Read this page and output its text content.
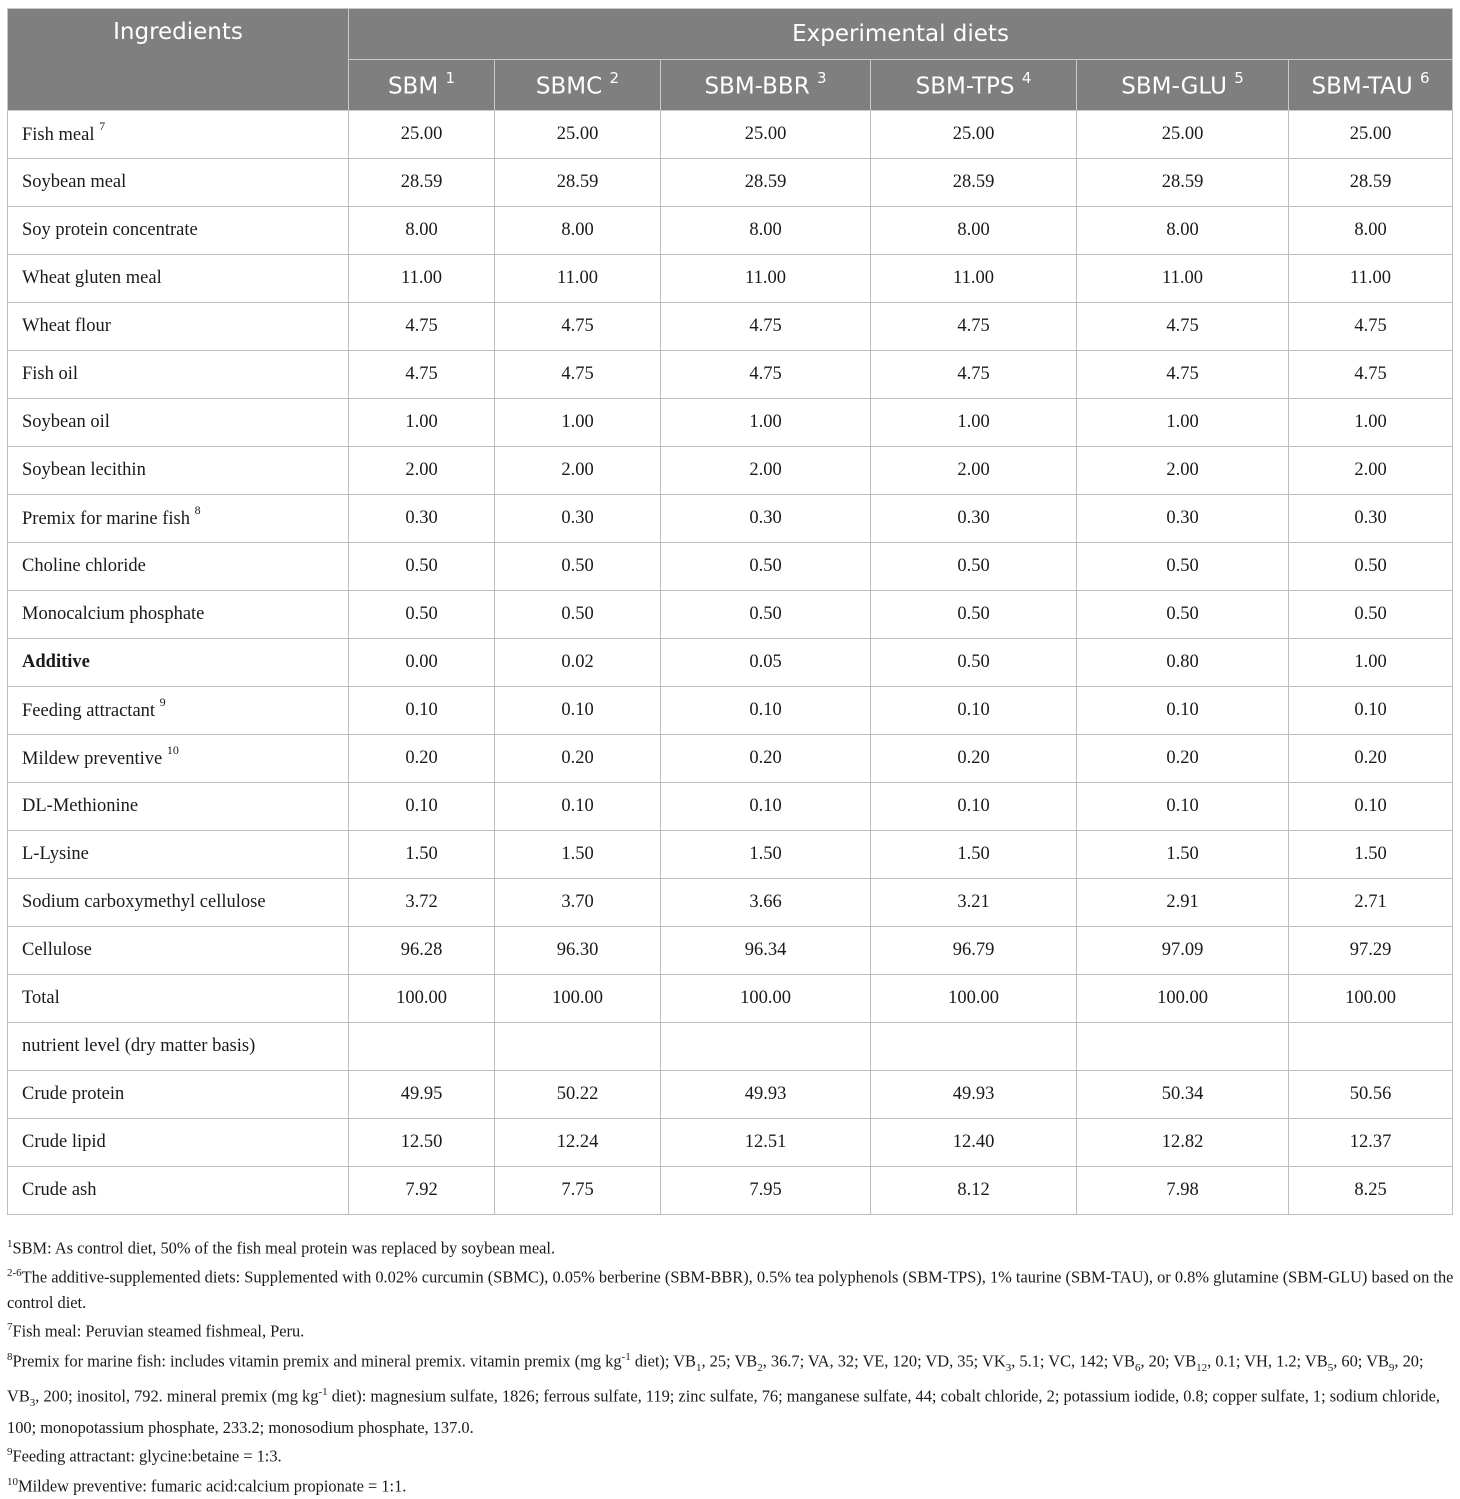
Ingredients	Experimental diets					
	SBM $^1$	SBMC $^2$	SBM-BBR $^3$	SBM-TPS $^4$	SBM-GLU $^5$	SBM-TAU $^6$
Fish meal $^7$	25.00	25.00	25.00	25.00	25.00	25.00
Soybean meal	28.59	28.59	28.59	28.59	28.59	28.59
Soy protein concentrate	8.00	8.00	8.00	8.00	8.00	8.00
Wheat gluten meal	11.00	11.00	11.00	11.00	11.00	11.00
Wheat flour	4.75	4.75	4.75	4.75	4.75	4.75
Fish oil	4.75	4.75	4.75	4.75	4.75	4.75
Soybean oil	1.00	1.00	1.00	1.00	1.00	1.00
Soybean lecithin	2.00	2.00	2.00	2.00	2.00	2.00
Premix for marine fish $^8$	0.30	0.30	0.30	0.30	0.30	0.30
Choline chloride	0.50	0.50	0.50	0.50	0.50	0.50
Monocalcium phosphate	0.50	0.50	0.50	0.50	0.50	0.50
Additive	0.00	0.02	0.05	0.50	0.80	1.00
Feeding attractant $^9$	0.10	0.10	0.10	0.10	0.10	0.10
Mildew preventive $^{10}$	0.20	0.20	0.20	0.20	0.20	0.20
DL-Methionine	0.10	0.10	0.10	0.10	0.10	0.10
L-Lysine	1.50	1.50	1.50	1.50	1.50	1.50
Sodium carboxymethyl cellulose	3.72	3.70	3.66	3.21	2.91	2.71
Cellulose	96.28	96.30	96.34	96.79	97.09	97.29
Total	100.00	100.00	100.00	100.00	100.00	100.00
nutrient level (dry matter basis)						
Crude protein	49.95	50.22	49.93	49.93	50.34	50.56
Crude lipid	12.50	12.24	12.51	12.40	12.82	12.37
Crude ash	7.92	7.75	7.95	8.12	7.98	8.25

$^1$SBM: As control diet, 50% of the fish meal protein was replaced by soybean meal.

$^{2-6}$The additive-supplemented diets: Supplemented with 0.02% curcumin (SBMC), 0.05% berberine (SBM-BBR), 0.5% tea polyphenols (SBM-TPS), 1% taurine (SBM-TAU), or 0.8% glutamine (SBM-GLU) based on the control diet.

$^7$Fish meal: Peruvian steamed fishmeal, Peru.

$^8$Premix for marine fish: includes vitamin premix and mineral premix. vitamin premix (mg $kg^{-1}$ diet); $VB_1$, 25; $VB_2$, 36.7; VA, 32; VE, 120; VD, 35; $VK_3$, 5.1; VC, 142; $VB_6$, 20; $VB_{12}$, 0.1; VH, 1.2; $VB_5$, 60; $VB_9$, 20; $VB_3$, 200; inositol, 792. mineral premix (mg $kg^{-1}$ diet): magnesium sulfate, 1826; ferrous sulfate, 119; zinc sulfate, 76; manganese sulfate, 44; cobalt chloride, 2; potassium iodide, 0.8; copper sulfate, 1; sodium chloride, 100; monopotassium phosphate, 233.2; monosodium phosphate, 137.0.

$^9$Feeding attractant: glycine:betaine = 1:3.

$^{10}$Mildew preventive: fumaric acid:calcium propionate = 1:1.
